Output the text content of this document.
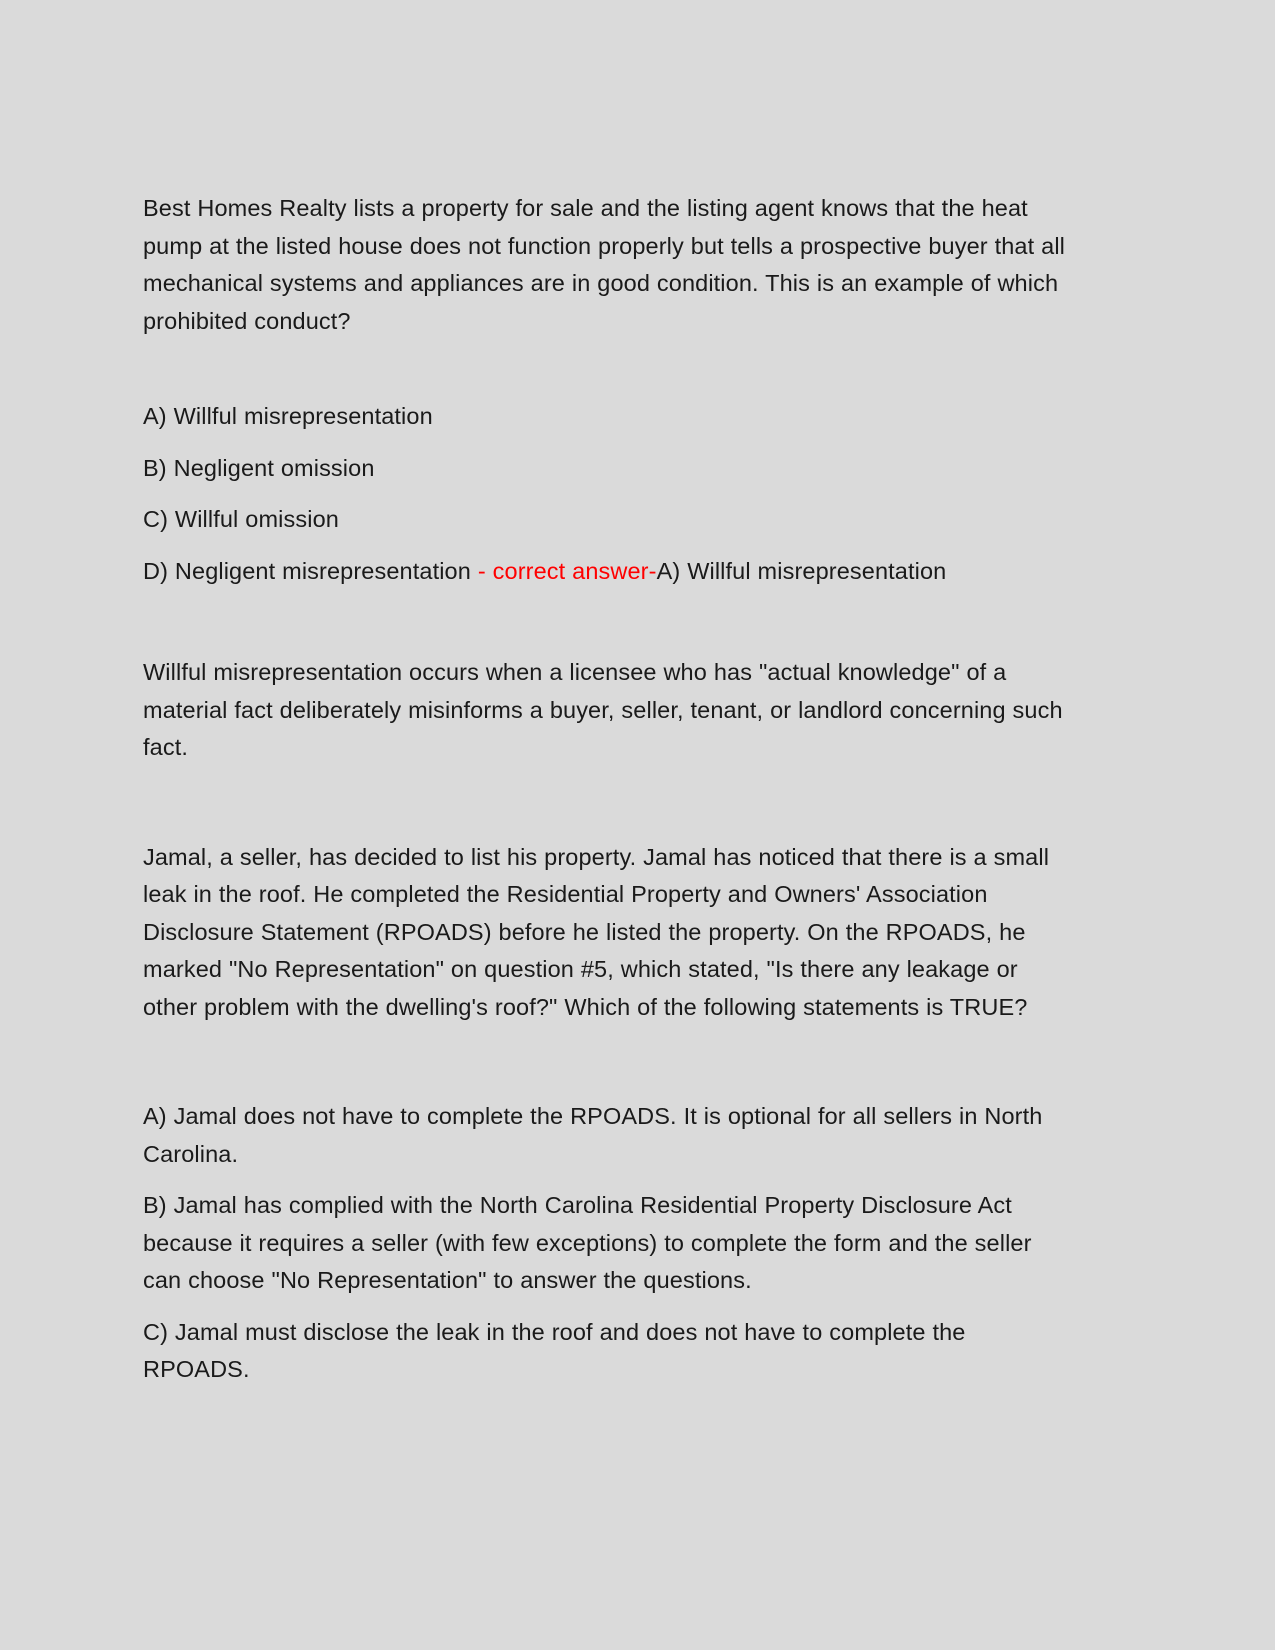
Best Homes Realty lists a property for sale and the listing agent knows that the heat pump at the listed house does not function properly but tells a prospective buyer that all mechanical systems and appliances are in good condition. This is an example of which prohibited conduct?

A) Willful misrepresentation

B) Negligent omission

C) Willful omission

D) Negligent misrepresentation - correct answer-A) Willful misrepresentation

Willful misrepresentation occurs when a licensee who has "actual knowledge" of a material fact deliberately misinforms a buyer, seller, tenant, or landlord concerning such fact.

Jamal, a seller, has decided to list his property. Jamal has noticed that there is a small leak in the roof. He completed the Residential Property and Owners' Association Disclosure Statement (RPOADS) before he listed the property. On the RPOADS, he marked "No Representation" on question #5, which stated, "Is there any leakage or other problem with the dwelling's roof?" Which of the following statements is TRUE?

A) Jamal does not have to complete the RPOADS. It is optional for all sellers in North Carolina.

B) Jamal has complied with the North Carolina Residential Property Disclosure Act because it requires a seller (with few exceptions) to complete the form and the seller can choose "No Representation" to answer the questions.

C) Jamal must disclose the leak in the roof and does not have to complete the RPOADS.
